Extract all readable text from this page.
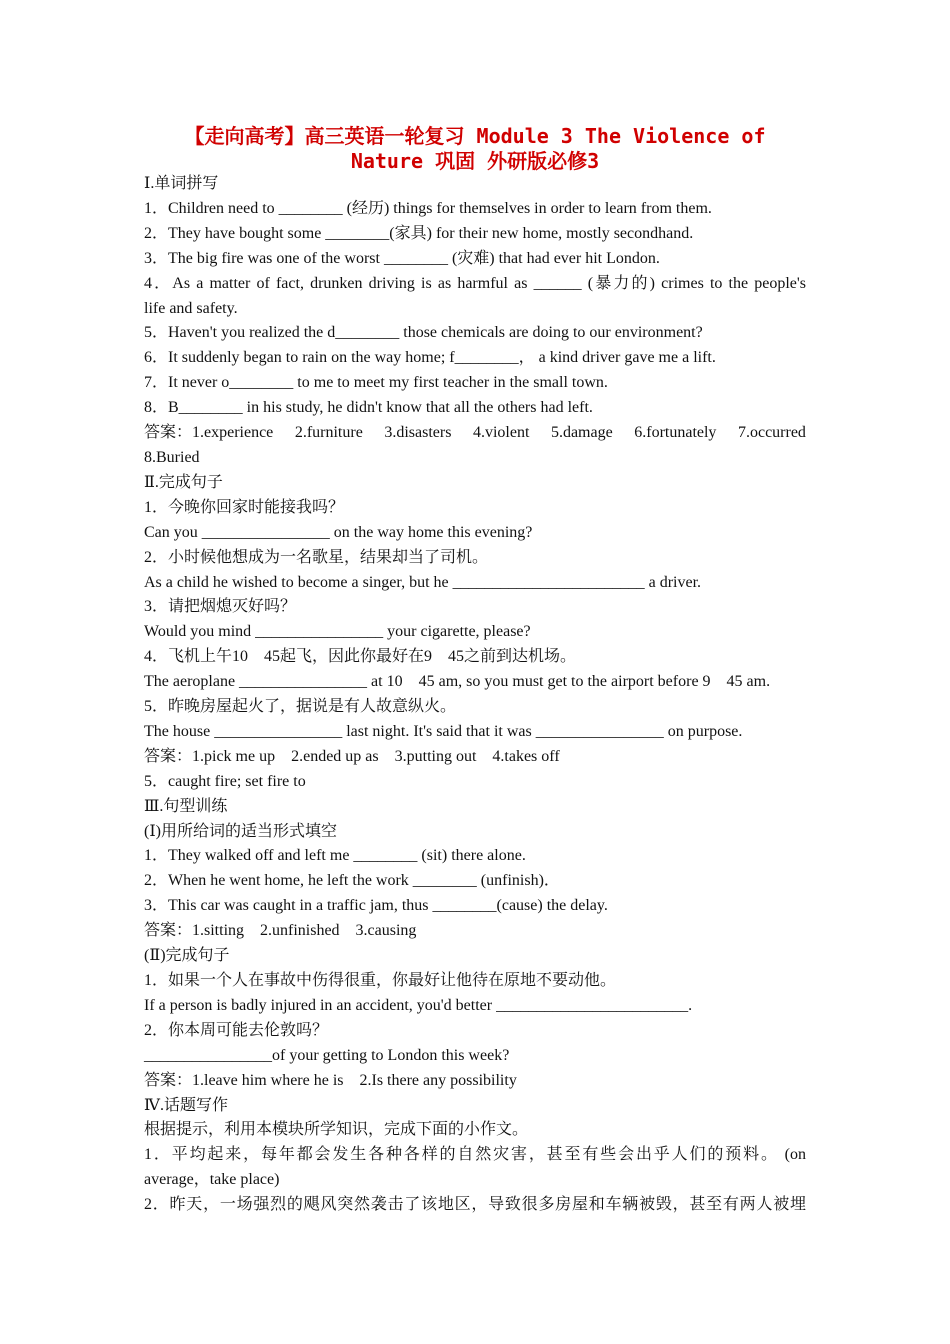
【走向高考】高三英语一轮复习 Module 3 The Violence of
Nature 巩固 外研版必修3
Ⅰ.单词拼写
1．Children need to ________ (经历) things for themselves in order to learn from them.
2．They have bought some ________(家具) for their new home, mostly secondhand.
3．The big fire was one of the worst ________ (灾难) that had ever hit London.
4．As a matter of fact, drunken driving is as harmful as ______ (暴力的) crimes to the people's
life and safety.
5．Haven't you realized the d________ those chemicals are doing to our environment?
6．It suddenly began to rain on the way home; f________， a kind driver gave me a lift.
7．It never o________ to me to meet my first teacher in the small town.
8．B________ in his study, he didn't know that all the others had left.
答案：1.experience 2.furniture 3.disasters 4.violent 5.damage 6.fortunately 7.occurred
8.Buried
Ⅱ.完成句子
1．今晚你回家时能接我吗？
Can you ________________ on the way home this evening?
2．小时候他想成为一名歌星，结果却当了司机。
As a child he wished to become a singer, but he ________________________ a driver.
3．请把烟熄灭好吗？
Would you mind ________________ your cigarette, please?
4．飞机上午10　45起飞，因此你最好在9　45之前到达机场。
The aeroplane ________________ at 10　45 am, so you must get to the airport before 9　45 am.
5．昨晚房屋起火了，据说是有人故意纵火。
The house ________________ last night. It's said that it was ________________ on purpose.
答案：1.pick me up　2.ended up as　3.putting out　4.takes off
5．caught fire; set fire to
Ⅲ.句型训练
(Ⅰ)用所给词的适当形式填空
1．They walked off and left me ________ (sit) there alone.
2．When he went home, he left the work ________ (unfinish)．
3．This car was caught in a traffic jam, thus ________(cause) the delay.
答案：1.sitting　2.unfinished　3.causing
(Ⅱ)完成句子
1．如果一个人在事故中伤得很重，你最好让他待在原地不要动他。
If a person is badly injured in an accident, you'd better ________________________.
2．你本周可能去伦敦吗？
________________of your getting to London this week?
答案：1.leave him where he is　2.Is there any possibility
Ⅳ.话题写作
根据提示，利用本模块所学知识，完成下面的小作文。
1．平均起来，每年都会发生各种各样的自然灾害，甚至有些会出乎人们的预料。 (on
average，take place)
2．昨天，一场强烈的飓风突然袭击了该地区，导致很多房屋和车辆被毁，甚至有两人被埋
